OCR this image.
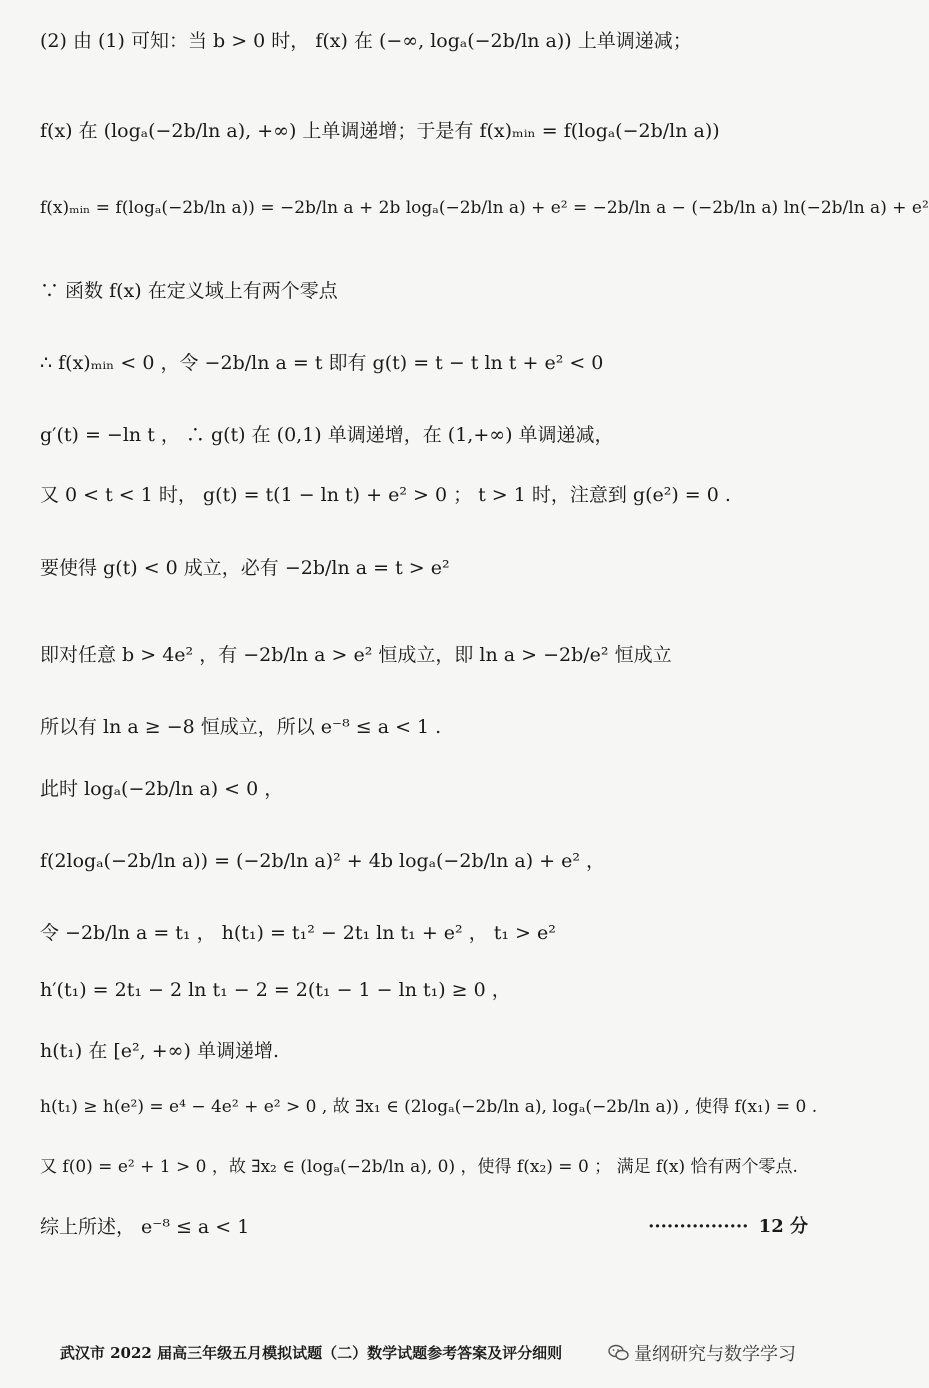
(2) 由 (1) 可知：当 b > 0 时， f(x) 在 (−∞, logₐ(−2b/ln a)) 上单调递减；
f(x) 在 (logₐ(−2b/ln a), +∞) 上单调递增；于是有 f(x)ₘᵢₙ = f(logₐ(−2b/ln a))
f(x)ₘᵢₙ = f(logₐ(−2b/ln a)) = −2b/ln a + 2b logₐ(−2b/ln a) + e² = −2b/ln a − (−2b/ln a) ln(−2b/ln a) + e²
∵ 函数 f(x) 在定义域上有两个零点
∴ f(x)ₘᵢₙ < 0 ，令 −2b/ln a = t 即有 g(t) = t − t ln t + e² < 0
g′(t) = −ln t ， ∴ g(t) 在 (0,1) 单调递增，在 (1,+∞) 单调递减，
又 0 < t < 1 时， g(t) = t(1 − ln t) + e² > 0 ； t > 1 时，注意到 g(e²) = 0 .
要使得 g(t) < 0 成立，必有 −2b/ln a = t > e²
即对任意 b > 4e² ，有 −2b/ln a > e² 恒成立，即 ln a > −2b/e² 恒成立
所以有 ln a ≥ −8 恒成立，所以 e⁻⁸ ≤ a < 1 .
此时 logₐ(−2b/ln a) < 0 ，
f(2logₐ(−2b/ln a)) = (−2b/ln a)² + 4b logₐ(−2b/ln a) + e² ，
令 −2b/ln a = t₁ ， h(t₁) = t₁² − 2t₁ ln t₁ + e² ， t₁ > e²
h′(t₁) = 2t₁ − 2 ln t₁ − 2 = 2(t₁ − 1 − ln t₁) ≥ 0 ，
h(t₁) 在 [e², +∞) 单调递增.
h(t₁) ≥ h(e²) = e⁴ − 4e² + e² > 0 , 故 ∃x₁ ∈ (2logₐ(−2b/ln a), logₐ(−2b/ln a)) , 使得 f(x₁) = 0 .
又 f(0) = e² + 1 > 0 ，故 ∃x₂ ∈ (logₐ(−2b/ln a), 0) ，使得 f(x₂) = 0 ； 满足 f(x) 恰有两个零点.
综上所述， e⁻⁸ ≤ a < 1	················ 12 分
武汉市 2022 届高三年级五月模拟试题（二）数学试题参考答案及评分细则	量纲研究与数学学习
